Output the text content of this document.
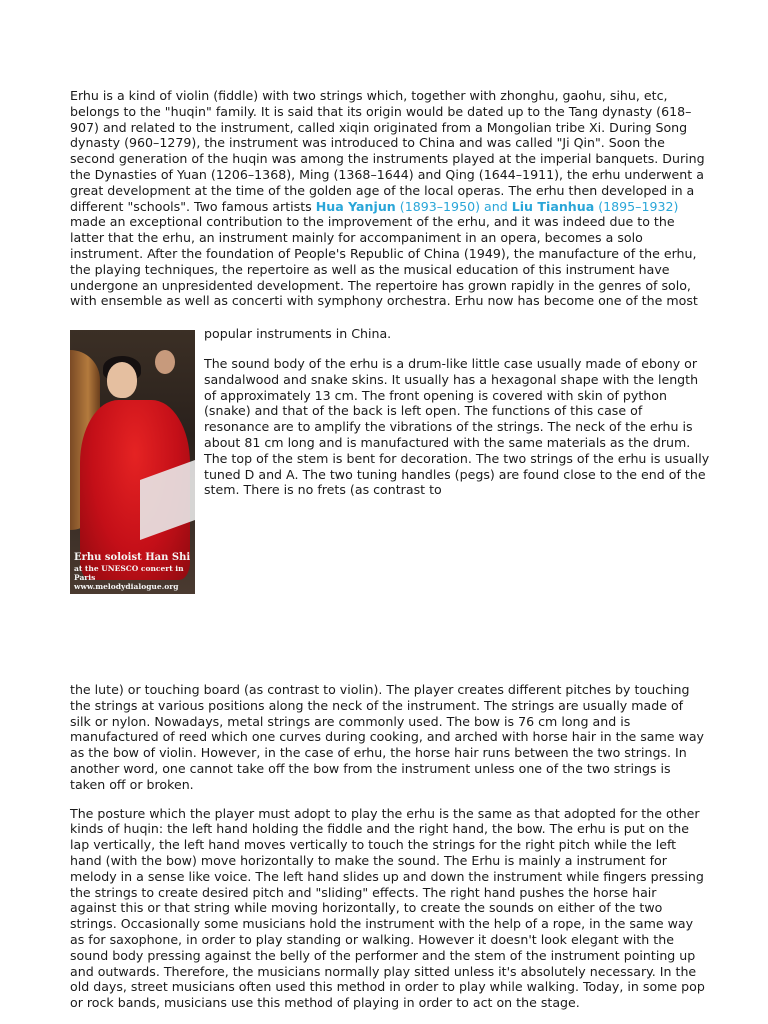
Erhu is a kind of violin (fiddle) with two strings which, together with zhonghu, gaohu, sihu, etc, belongs to the "huqin" family. It is said that its origin would be dated up to the Tang dynasty (618–907) and related to the instrument, called xiqin originated from a Mongolian tribe Xi. During Song dynasty (960–1279), the instrument was introduced to China and was called "Ji Qin". Soon the second generation of the huqin was among the instruments played at the imperial banquets. During the Dynasties of Yuan (1206–1368), Ming (1368–1644) and Qing (1644–1911), the erhu underwent a great development at the time of the golden age of the local operas. The erhu then developed in a different "schools". Two famous artists Hua Yanjun (1893–1950) and Liu Tianhua (1895–1932) made an exceptional contribution to the improvement of the erhu, and it was indeed due to the latter that the erhu, an instrument mainly for accompaniment in an opera, becomes a solo instrument. After the foundation of People's Republic of China (1949), the manufacture of the erhu, the playing techniques, the repertoire as well as the musical education of this instrument have undergone an unpresidented development. The repertoire has grown rapidly in the genres of solo, with ensemble as well as concerti with symphony orchestra. Erhu now has become one of the most

popular instruments in China.

The sound body of the erhu is a drum-like little case usually made of ebony or sandalwood and snake skins. It usually has a hexagonal shape with the length of approximately 13 cm. The front opening is covered with skin of python (snake) and that of the back is left open. The functions of this case of resonance are to amplify the vibrations of the strings. The neck of the erhu is about 81 cm long and is manufactured with the same materials as the drum. The top of the stem is bent for decoration. The two strings of the erhu is usually tuned D and A. The two tuning handles (pegs) are found close to the end of the stem. There is no frets (as contrast to

Erhu soloist Han Shi
at the UNESCO concert in Paris
www.melodydialogue.org

the lute) or touching board (as contrast to violin). The player creates different pitches by touching the strings at various positions along the neck of the instrument. The strings are usually made of silk or nylon. Nowadays, metal strings are commonly used. The bow is 76 cm long and is manufactured of reed which one curves during cooking, and arched with horse hair in the same way as the bow of violin. However, in the case of erhu, the horse hair runs between the two strings. In another word, one cannot take off the bow from the instrument unless one of the two strings is taken off or broken.

The posture which the player must adopt to play the erhu is the same as that adopted for the other kinds of huqin: the left hand holding the fiddle and the right hand, the bow. The erhu is put on the lap vertically, the left hand moves vertically to touch the strings for the right pitch while the left hand (with the bow) move horizontally to make the sound. The Erhu is mainly a instrument for melody in a sense like voice. The left hand slides up and down the instrument while fingers pressing the strings to create desired pitch and "sliding" effects. The right hand pushes the horse hair against this or that string while moving horizontally, to create the sounds on either of the two strings. Occasionally some musicians hold the instrument with the help of a rope, in the same way as for saxophone, in order to play standing or walking. However it doesn't look elegant with the sound body pressing against the belly of the performer and the stem of the instrument pointing up and outwards. Therefore, the musicians normally play sitted unless it's absolutely necessary. In the old days, street musicians often used this method in order to play while walking. Today, in some pop or rock bands, musicians use this method of playing in order to act on the stage.
